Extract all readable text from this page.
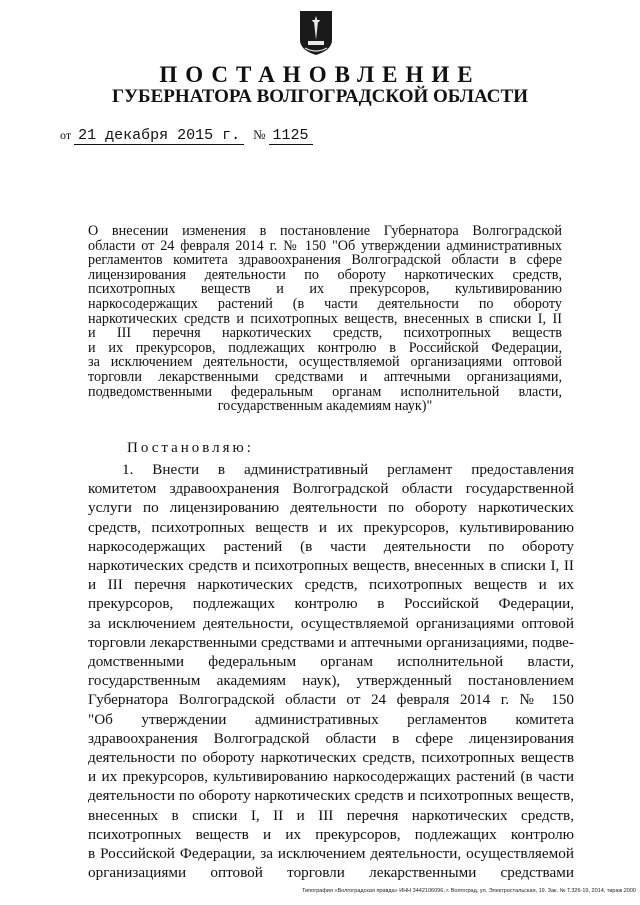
ПОСТАНОВЛЕНИЕ
ГУБЕРНАТОРА ВОЛГОГРАДСКОЙ ОБЛАСТИ
от 21 декабря 2015 г. № 1125
О внесении изменения в постановление Губернатора Волгоградской
области от 24 февраля 2014 г. № 150 "Об утверждении административных
регламентов комитета здравоохранения Волгоградской области в сфере
лицензирования деятельности по обороту наркотических средств,
психотропных веществ и их прекурсоров, культивированию
наркосодержащих растений (в части деятельности по обороту
наркотических средств и психотропных веществ, внесенных в списки I, II
и III перечня наркотических средств, психотропных веществ
и их прекурсоров, подлежащих контролю в Российской Федерации,
за исключением деятельности, осуществляемой организациями оптовой
торговли лекарственными средствами и аптечными организациями,
подведомственными федеральным органам исполнительной власти,
государственным академиям наук)"
Постановляю:
1. Внести в административный регламент предоставления
комитетом здравоохранения Волгоградской области государственной
услуги по лицензированию деятельности по обороту наркотических
средств, психотропных веществ и их прекурсоров, культивированию
наркосодержащих растений (в части деятельности по обороту
наркотических средств и психотропных веществ, внесенных в списки I, II
и III перечня наркотических средств, психотропных веществ и их
прекурсоров, подлежащих контролю в Российской Федерации,
за исключением деятельности, осуществляемой организациями оптовой
торговли лекарственными средствами и аптечными организациями, подве-
домственными федеральным органам исполнительной власти,
государственным академиям наук), утвержденный постановлением
Губернатора Волгоградской области от 24 февраля 2014 г. № 150
"Об утверждении административных регламентов комитета
здравоохранения Волгоградской области в сфере лицензирования
деятельности по обороту наркотических средств, психотропных веществ
и их прекурсоров, культивированию наркосодержащих растений (в части
деятельности по обороту наркотических средств и психотропных веществ,
внесенных в списки I, II и III перечня наркотических средств,
психотропных веществ и их прекурсоров, подлежащих контролю
в Российской Федерации, за исключением деятельности, осуществляемой
организациями оптовой торговли лекарственными средствами
Типография «Волгоградская правда» ИНН 3442106096, г. Волгоград, ул. Электростальская, 19. Зак. № Т.326-19, 2014, тираж 2000
